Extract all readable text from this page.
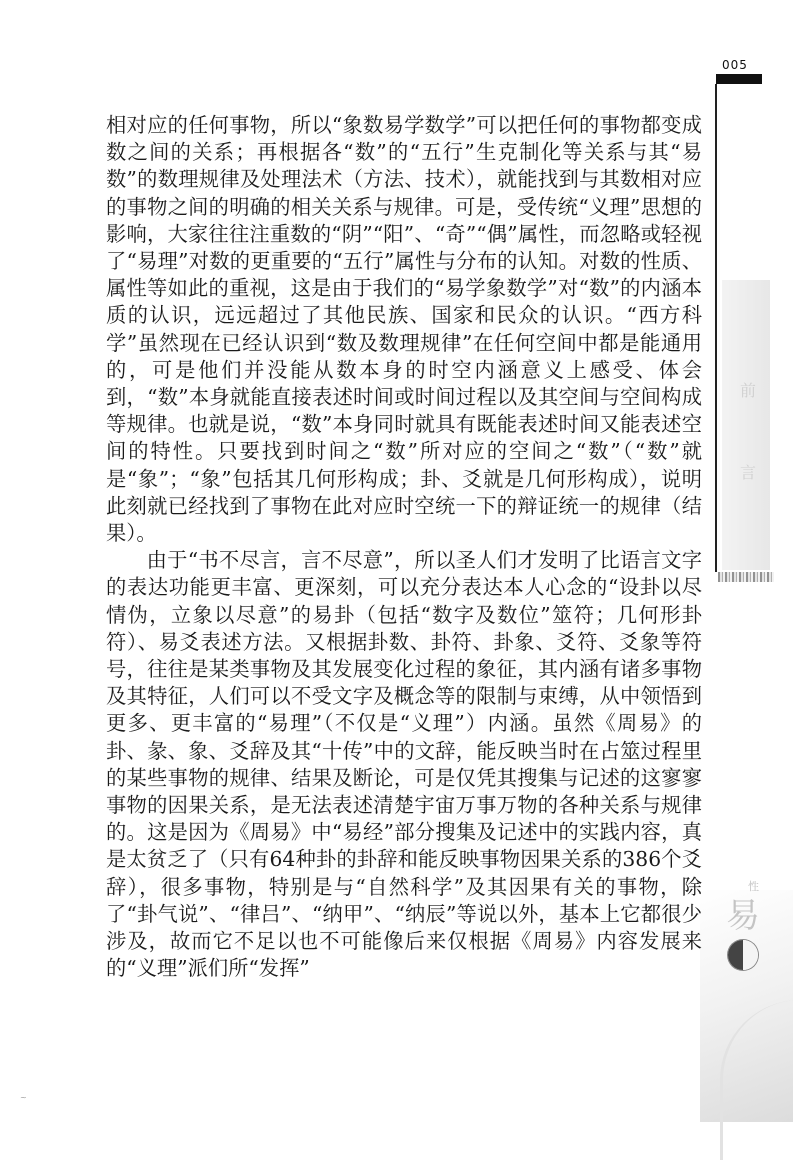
005
前
言
性
易
~

相对应的任何事物，所以“象数易学数学”可以把任何的事物都变成数之间的关系；再根据各“数”的“五行”生克制化等关系与其“易数”的数理规律及处理法术（方法、技术），就能找到与其数相对应的事物之间的明确的相关关系与规律。可是，受传统“义理”思想的影响，大家往往注重数的“阴”“阳”、“奇”“偶”属性，而忽略或轻视了“易理”对数的更重要的“五行”属性与分布的认知。对数的性质、属性等如此的重视，这是由于我们的“易学象数学”对“数”的内涵本质的认识，远远超过了其他民族、国家和民众的认识。“西方科学”虽然现在已经认识到“数及数理规律”在任何空间中都是能通用的，可是他们并没能从数本身的时空内涵意义上感受、体会到，“数”本身就能直接表述时间或时间过程以及其空间与空间构成等规律。也就是说，“数”本身同时就具有既能表述时间又能表述空间的特性。只要找到时间之“数”所对应的空间之“数”（“数”就是“象”；“象”包括其几何形构成；卦、爻就是几何形构成），说明此刻就已经找到了事物在此对应时空统一下的辩证统一的规律（结果）。

由于“书不尽言，言不尽意”，所以圣人们才发明了比语言文字的表达功能更丰富、更深刻，可以充分表达本人心念的“设卦以尽情伪，立象以尽意”的易卦（包括“数字及数位”筮符；几何形卦符）、易爻表述方法。又根据卦数、卦符、卦象、爻符、爻象等符号，往往是某类事物及其发展变化过程的象征，其内涵有诸多事物及其特征，人们可以不受文字及概念等的限制与束缚，从中领悟到更多、更丰富的“易理”（不仅是“义理”）内涵。虽然《周易》的卦、彖、象、爻辞及其“十传”中的文辞，能反映当时在占筮过程里的某些事物的规律、结果及断论，可是仅凭其搜集与记述的这寥寥事物的因果关系，是无法表述清楚宇宙万事万物的各种关系与规律的。这是因为《周易》中“易经”部分搜集及记述中的实践内容，真是太贫乏了（只有64种卦的卦辞和能反映事物因果关系的386个爻辞），很多事物，特别是与“自然科学”及其因果有关的事物，除了“卦气说”、“律吕”、“纳甲”、“纳辰”等说以外，基本上它都很少涉及，故而它不足以也不可能像后来仅根据《周易》内容发展来的“义理”派们所“发挥”
